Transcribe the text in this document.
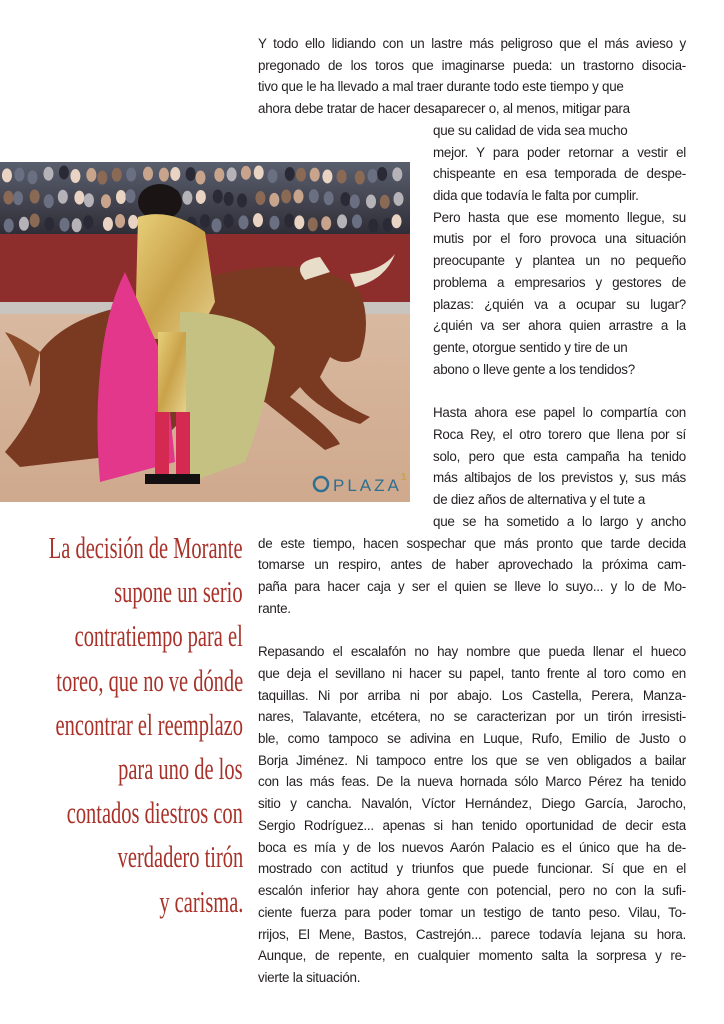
Y todo ello lidiando con un lastre más peligroso que el más avieso y
pregonado de los toros que imaginarse pueda: un trastorno disocia-
tivo que le ha llevado a mal traer durante todo este tiempo y que
ahora debe tratar de hacer desaparecer o, al menos, mitigar para
que su calidad de vida sea mucho
mejor. Y para poder retornar a vestir el
chispeante en esa temporada de despe-
dida que todavía le falta por cumplir.
Pero hasta que ese momento llegue, su
mutis por el foro provoca una situación
preocupante y plantea un no pequeño
problema a empresarios y gestores de
plazas: ¿quién va a ocupar su lugar?
¿quién va ser ahora quien arrastre a la
gente, otorgue sentido y tire de un
abono o lleve gente a los tendidos?
Hasta ahora ese papel lo compartía con
Roca Rey, el otro torero que llena por sí
solo, pero que esta campaña ha tenido
más altibajos de los previstos y, sus más
de diez años de alternativa y el tute a
que se ha sometido a lo largo y ancho
de este tiempo, hacen sospechar que más pronto que tarde decida
tomarse un respiro, antes de haber aprovechado la próxima cam-
paña para hacer caja y ser el quien se lleve lo suyo... y lo de Mo-
rante.
Repasando el escalafón no hay nombre que pueda llenar el hueco
que deja el sevillano ni hacer su papel, tanto frente al toro como en
taquillas. Ni por arriba ni por abajo. Los Castella, Perera, Manza-
nares, Talavante, etcétera, no se caracterizan por un tirón irresisti-
ble, como tampoco se adivina en Luque, Rufo, Emilio de Justo o
Borja Jiménez. Ni tampoco entre los que se ven obligados a bailar
con las más feas. De la nueva hornada sólo Marco Pérez ha tenido
sitio y cancha. Navalón, Víctor Hernández, Diego García, Jarocho,
Sergio Rodríguez... apenas si han tenido oportunidad de decir esta
boca es mía y de los nuevos Aarón Palacio es el único que ha de-
mostrado con actitud y triunfos que puede funcionar. Sí que en el
escalón inferior hay ahora gente con potencial, pero no con la sufi-
ciente fuerza para poder tomar un testigo de tanto peso. Vilau, To-
rrijos, El Mene, Bastos, Castrejón... parece todavía lejana su hora.
Aunque, de repente, en cualquier momento salta la sorpresa y re-
vierte la situación.
La decisión de Morante
supone un serio
contratiempo para el
toreo, que no ve dónde
encontrar el reemplazo
para uno de los
contados diestros con
verdadero tirón
y carisma.
PLAZA 1
